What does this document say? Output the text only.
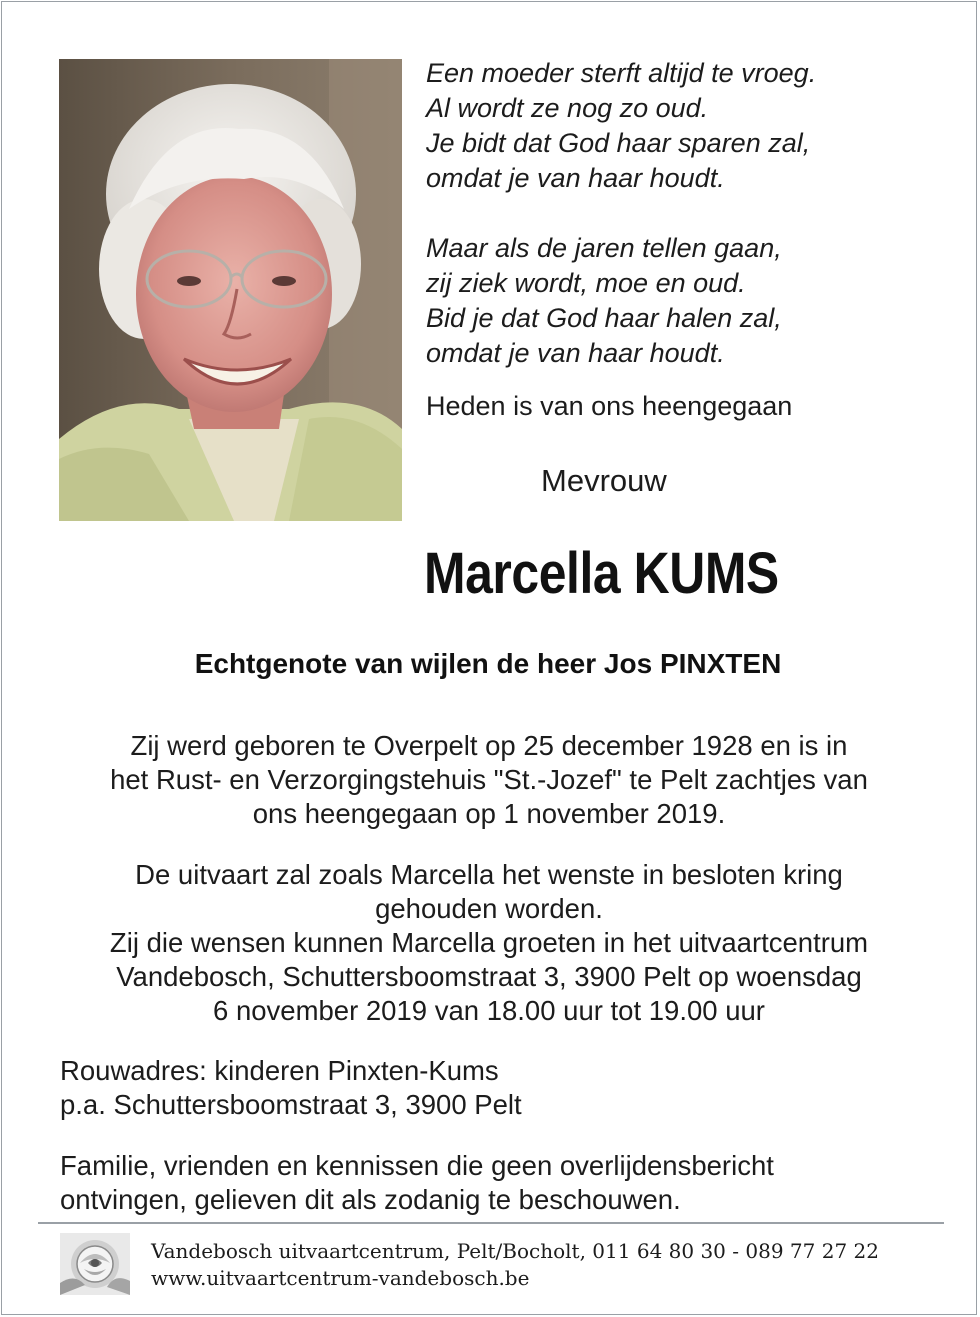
Een moeder sterft altijd te vroeg.
Al wordt ze nog zo oud.
Je bidt dat God haar sparen zal,
omdat je van haar houdt.

Maar als de jaren tellen gaan,
zij ziek wordt, moe en oud.
Bid je dat God haar halen zal,
omdat je van haar houdt.

Heden is van ons heengegaan
Mevrouw
Marcella KUMS
Echtgenote van wijlen de heer Jos PINXTEN

Zij werd geboren te Overpelt op 25 december 1928 en is in
het Rust- en Verzorgingstehuis "St.-Jozef" te Pelt zachtjes van
ons heengegaan op 1 november 2019.

De uitvaart zal zoals Marcella het wenste in besloten kring
gehouden worden.
Zij die wensen kunnen Marcella groeten in het uitvaartcentrum
Vandebosch, Schuttersboomstraat 3, 3900 Pelt op woensdag
6 november 2019 van 18.00 uur tot 19.00 uur

Rouwadres: kinderen Pinxten-Kums
p.a. Schuttersboomstraat 3, 3900 Pelt

Familie, vrienden en kennissen die geen overlijdensbericht
ontvingen, gelieven dit als zodanig te beschouwen.

Vandebosch uitvaartcentrum, Pelt/Bocholt, 011 64 80 30 - 089 77 27 22
www.uitvaartcentrum-vandebosch.be
